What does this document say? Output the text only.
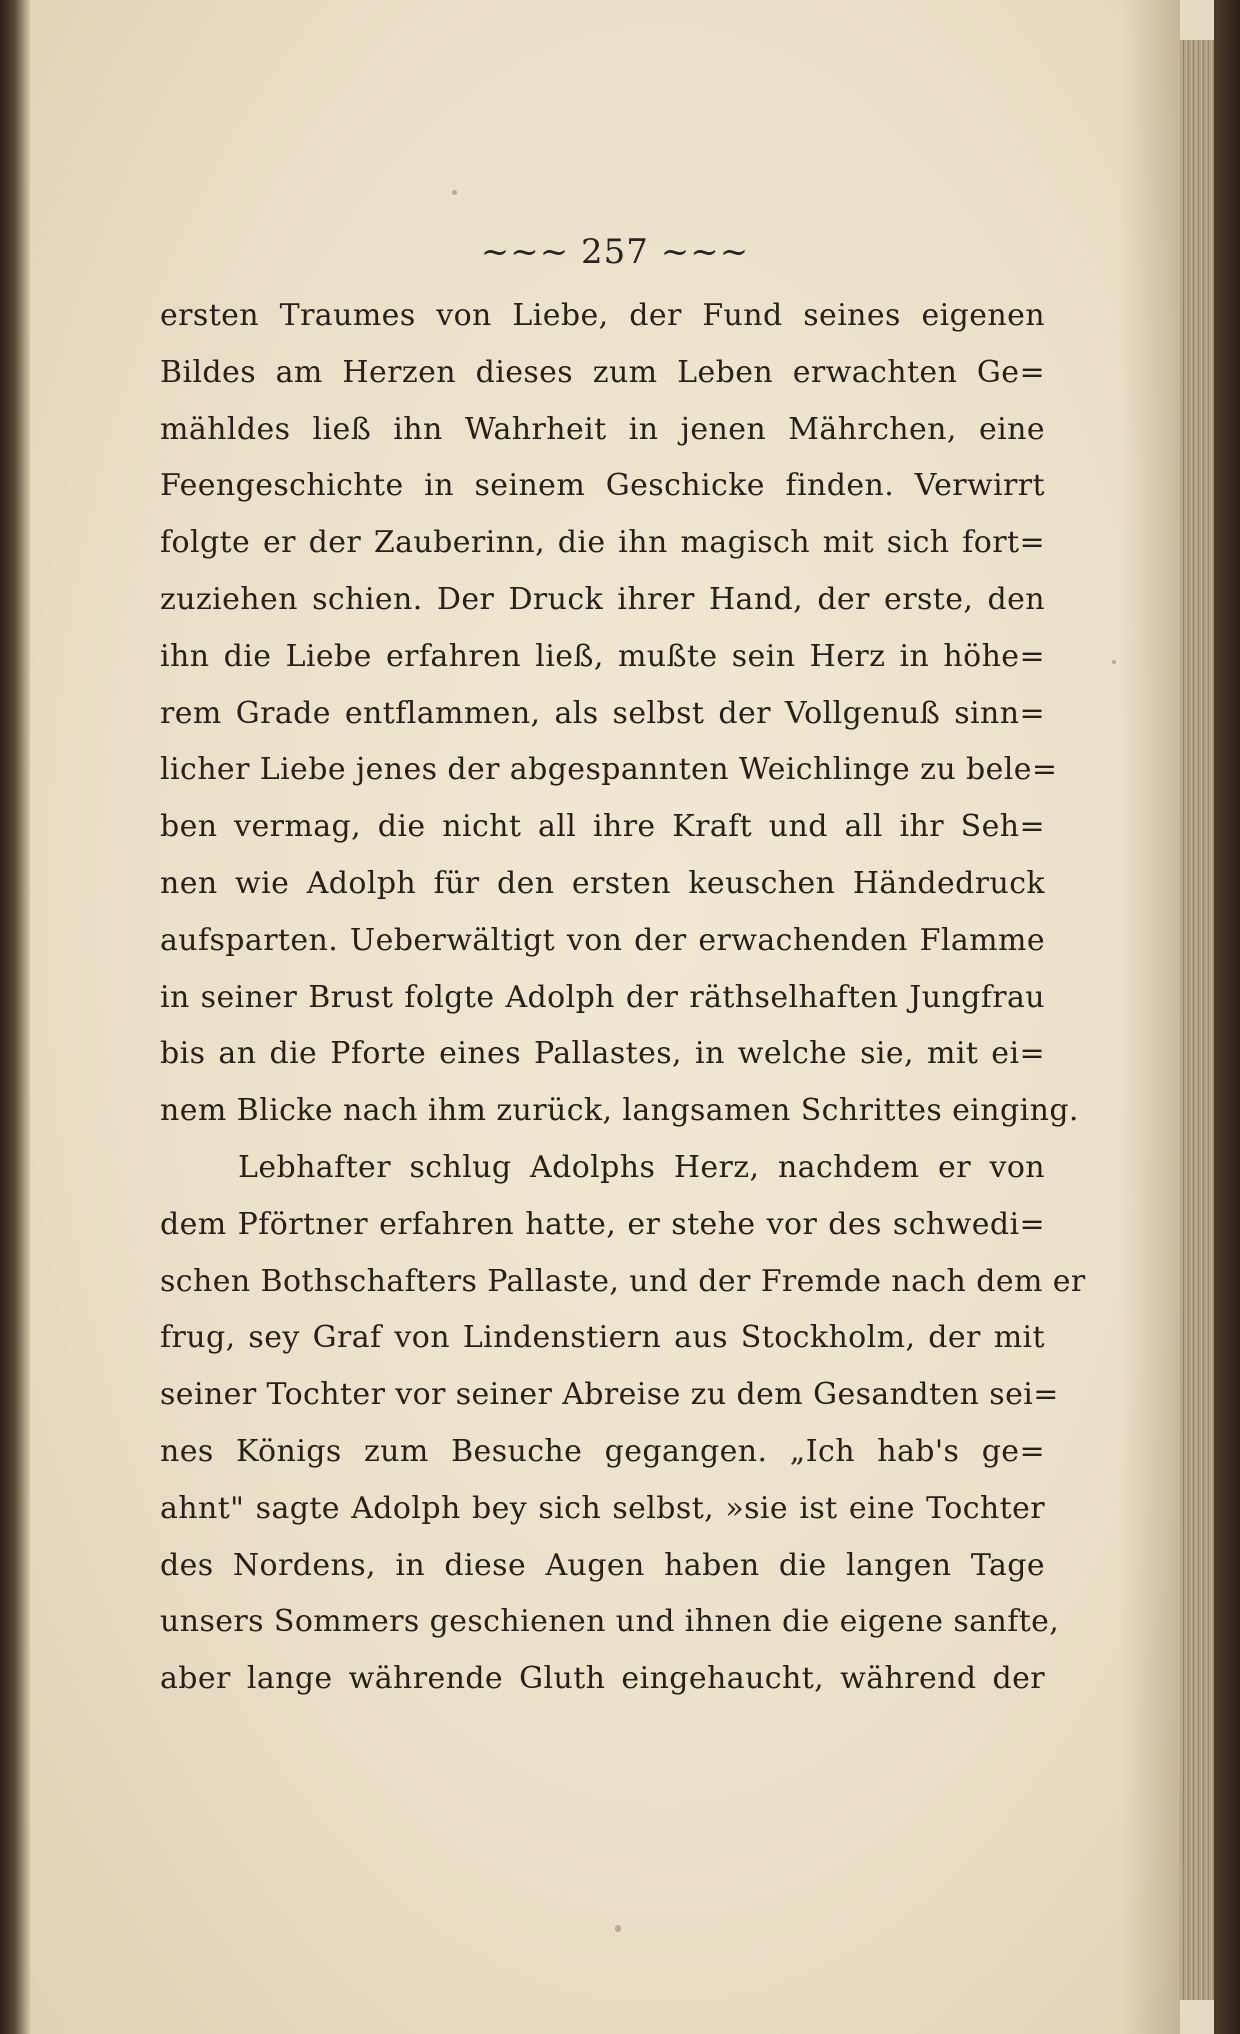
~~~ 257 ~~~
ersten Traumes von Liebe, der Fund seines eigenen
Bildes am Herzen dieses zum Leben erwachten Ge=
mähldes ließ ihn Wahrheit in jenen Mährchen, eine
Feengeschichte in seinem Geschicke finden. Verwirrt
folgte er der Zauberinn, die ihn magisch mit sich fort=
zuziehen schien. Der Druck ihrer Hand, der erste, den
ihn die Liebe erfahren ließ, mußte sein Herz in höhe=
rem Grade entflammen, als selbst der Vollgenuß sinn=
licher Liebe jenes der abgespannten Weichlinge zu bele=
ben vermag, die nicht all ihre Kraft und all ihr Seh=
nen wie Adolph für den ersten keuschen Händedruck
aufsparten. Ueberwältigt von der erwachenden Flamme
in seiner Brust folgte Adolph der räthselhaften Jungfrau
bis an die Pforte eines Pallastes, in welche sie, mit ei=
nem Blicke nach ihm zurück, langsamen Schrittes einging.
Lebhafter schlug Adolphs Herz, nachdem er von
dem Pförtner erfahren hatte, er stehe vor des schwedi=
schen Bothschafters Pallaste, und der Fremde nach dem er
frug, sey Graf von Lindenstiern aus Stockholm, der mit
seiner Tochter vor seiner Abreise zu dem Gesandten sei=
nes Königs zum Besuche gegangen. „Ich hab's ge=
ahnt" sagte Adolph bey sich selbst, »sie ist eine Tochter
des Nordens, in diese Augen haben die langen Tage
unsers Sommers geschienen und ihnen die eigene sanfte,
aber lange währende Gluth eingehaucht, während der
